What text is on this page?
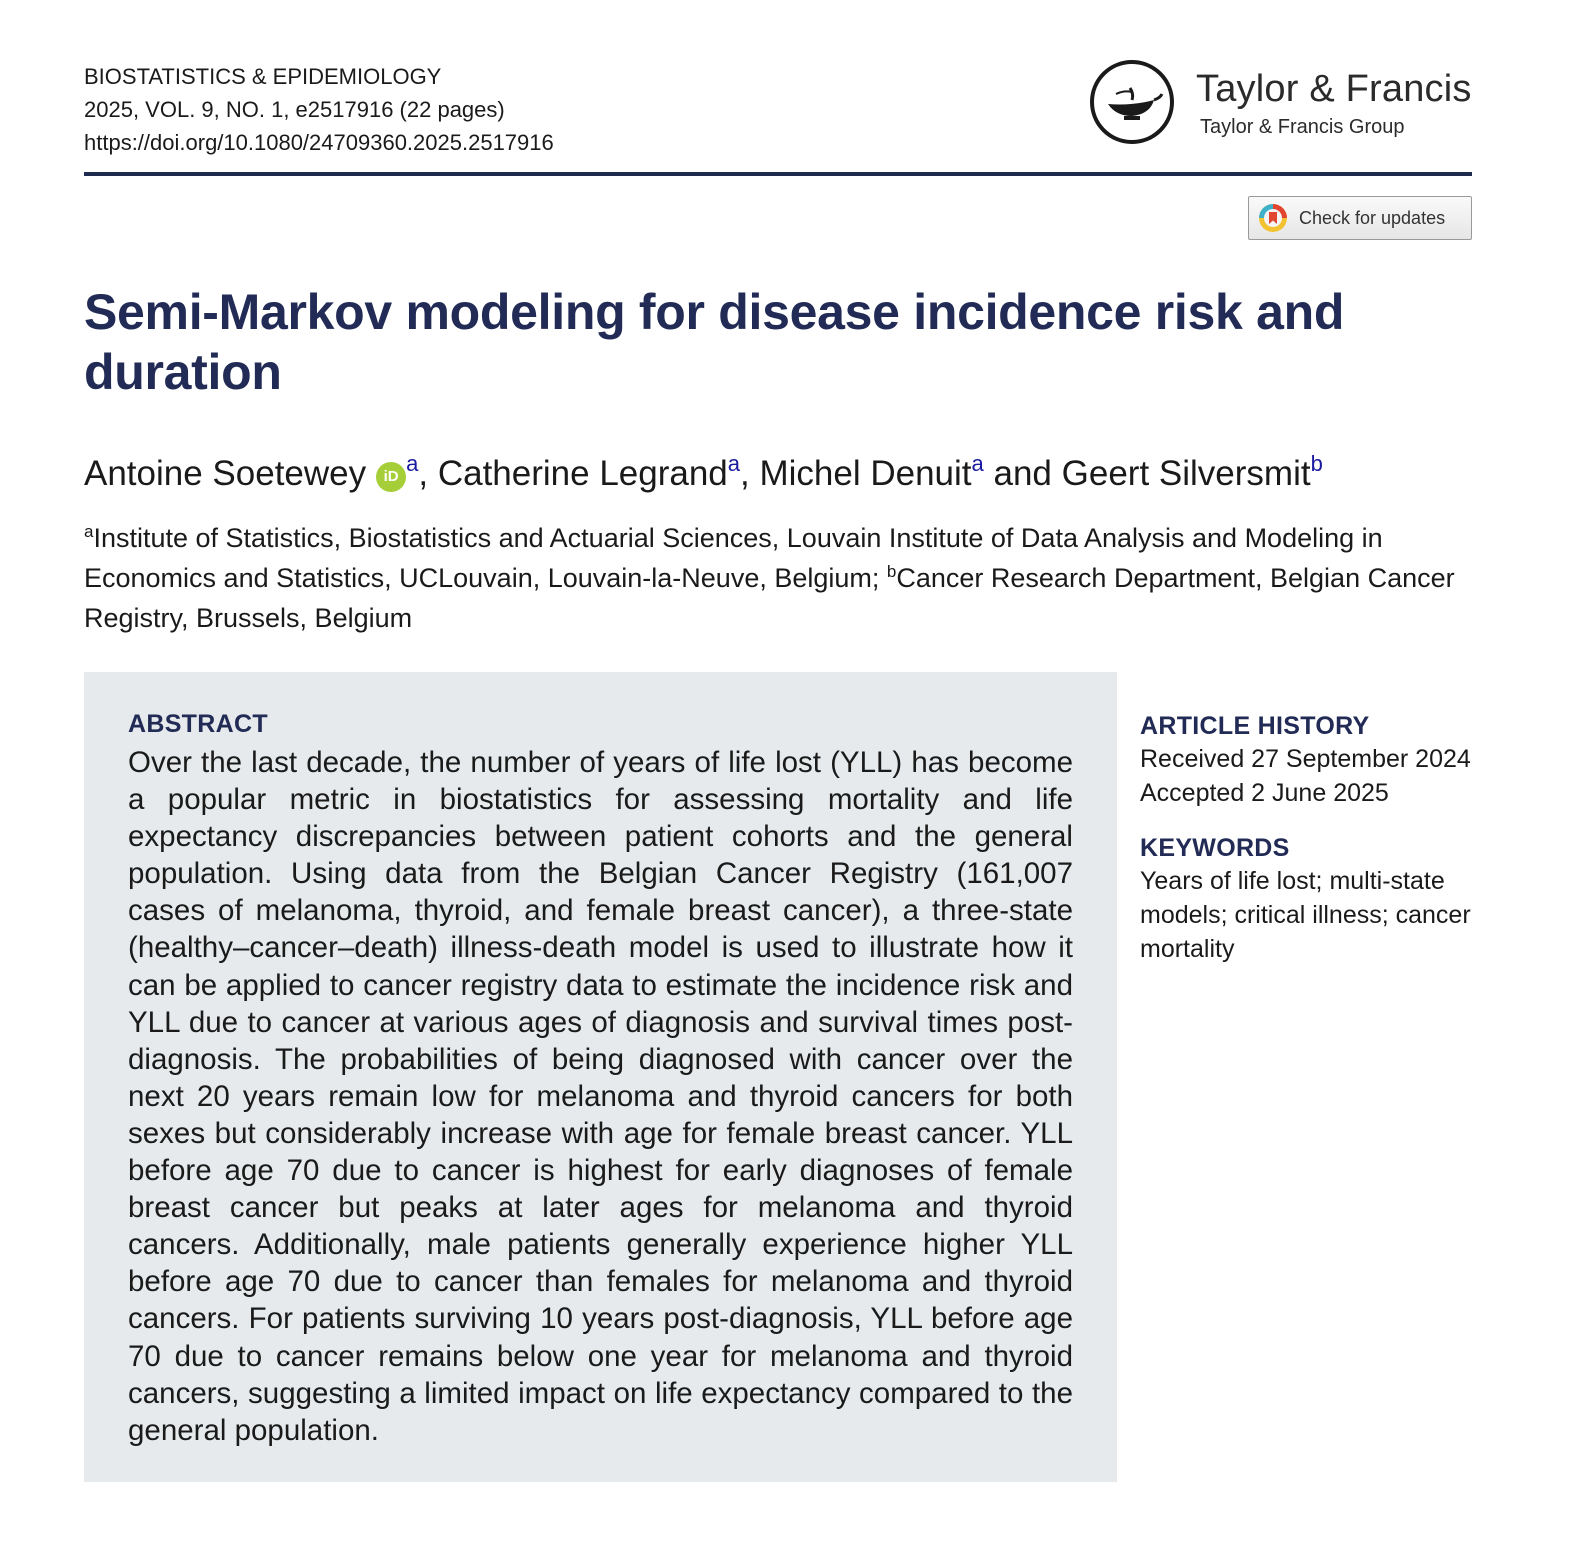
BIOSTATISTICS & EPIDEMIOLOGY
2025, VOL. 9, NO. 1, e2517916 (22 pages)
https://doi.org/10.1080/24709360.2025.2517916
Taylor & Francis
Taylor & Francis Group
Check for updates
Semi-Markov modeling for disease incidence risk and duration
Antoine Soetewey $iD^a$, Catherine Legrand$^a$, Michel Denuit$^a$ and Geert Silversmit$^b$
$^a$Institute of Statistics, Biostatistics and Actuarial Sciences, Louvain Institute of Data Analysis and Modeling in Economics and Statistics, UCLouvain, Louvain-la-Neuve, Belgium; $^b$Cancer Research Department, Belgian Cancer Registry, Brussels, Belgium
ABSTRACT

Over the last decade, the number of years of life lost (YLL) has become a popular metric in biostatistics for assessing mortality and life expectancy discrepancies between patient cohorts and the general population. Using data from the Belgian Cancer Registry (161,007 cases of melanoma, thyroid, and female breast cancer), a three-state (healthy–cancer–death) illness-death model is used to illustrate how it can be applied to cancer registry data to estimate the incidence risk and YLL due to cancer at various ages of diagnosis and survival times post-diagnosis. The probabilities of being diagnosed with cancer over the next 20 years remain low for melanoma and thyroid cancers for both sexes but considerably increase with age for female breast cancer. YLL before age 70 due to cancer is highest for early diagnoses of female breast cancer but peaks at later ages for melanoma and thyroid cancers. Additionally, male patients generally experience higher YLL before age 70 due to cancer than females for melanoma and thyroid cancers. For patients surviving 10 years post-diagnosis, YLL before age 70 due to cancer remains below one year for melanoma and thyroid cancers, suggesting a limited impact on life expectancy compared to the general population.

ARTICLE HISTORY
Received 27 September 2024
Accepted 2 June 2025
KEYWORDS
Years of life lost; multi-state models; critical illness; cancer mortality
